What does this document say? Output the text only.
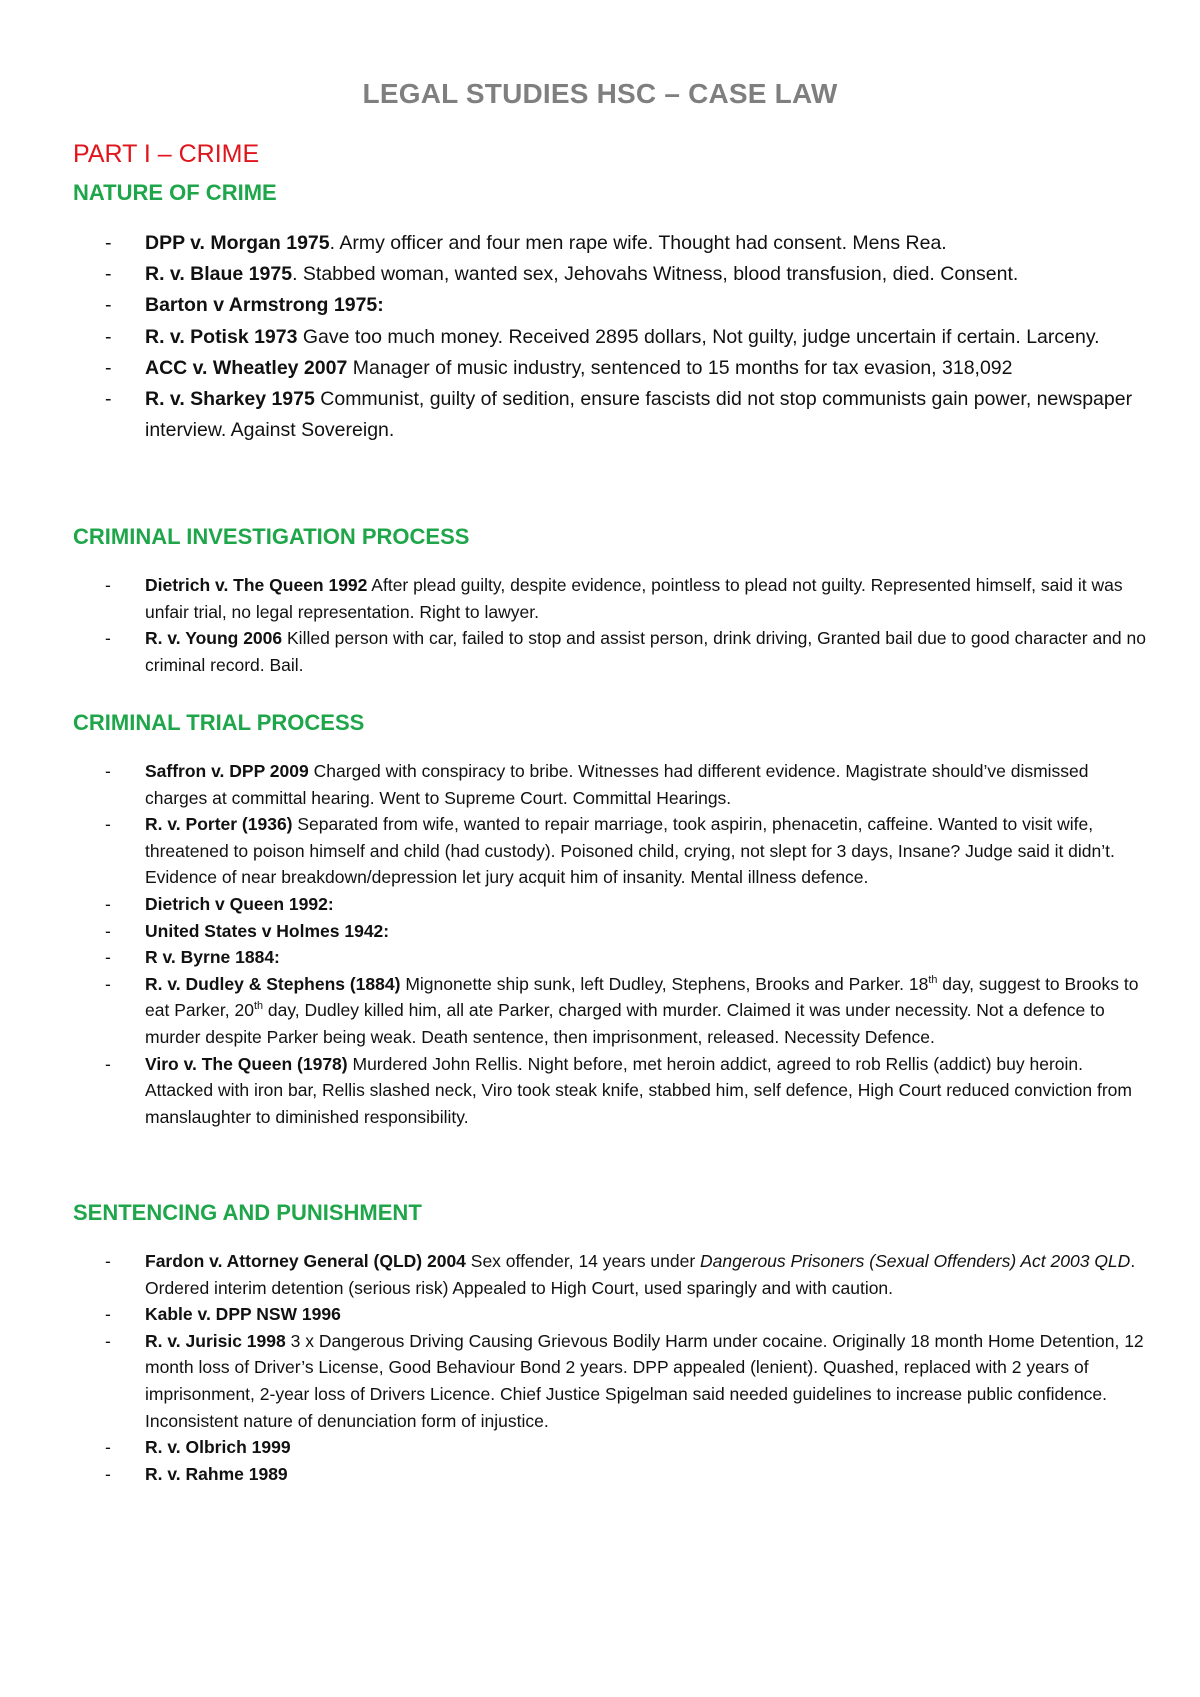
LEGAL STUDIES HSC – CASE LAW
PART I – CRIME
NATURE OF CRIME
- DPP v. Morgan 1975. Army officer and four men rape wife. Thought had consent. Mens Rea.
- R. v. Blaue 1975. Stabbed woman, wanted sex, Jehovahs Witness, blood transfusion, died. Consent.
- Barton v Armstrong 1975:
- R. v. Potisk 1973 Gave too much money. Received 2895 dollars, Not guilty, judge uncertain if certain. Larceny.
- ACC v. Wheatley 2007 Manager of music industry, sentenced to 15 months for tax evasion, 318,092
- R. v. Sharkey 1975 Communist, guilty of sedition, ensure fascists did not stop communists gain power, newspaper interview. Against Sovereign.
CRIMINAL INVESTIGATION PROCESS
- Dietrich v. The Queen 1992 After plead guilty, despite evidence, pointless to plead not guilty. Represented himself, said it was unfair trial, no legal representation. Right to lawyer.
- R. v. Young 2006 Killed person with car, failed to stop and assist person, drink driving, Granted bail due to good character and no criminal record. Bail.
CRIMINAL TRIAL PROCESS
- Saffron v. DPP 2009 Charged with conspiracy to bribe. Witnesses had different evidence. Magistrate should’ve dismissed charges at committal hearing. Went to Supreme Court. Committal Hearings.
- R. v. Porter (1936) Separated from wife, wanted to repair marriage, took aspirin, phenacetin, caffeine. Wanted to visit wife, threatened to poison himself and child (had custody). Poisoned child, crying, not slept for 3 days, Insane? Judge said it didn’t. Evidence of near breakdown/depression let jury acquit him of insanity. Mental illness defence.
- Dietrich v Queen 1992:
- United States v Holmes 1942:
- R v. Byrne 1884:
- R. v. Dudley & Stephens (1884) Mignonette ship sunk, left Dudley, Stephens, Brooks and Parker. 18th day, suggest to Brooks to eat Parker, 20th day, Dudley killed him, all ate Parker, charged with murder. Claimed it was under necessity. Not a defence to murder despite Parker being weak. Death sentence, then imprisonment, released. Necessity Defence.
- Viro v. The Queen (1978) Murdered John Rellis. Night before, met heroin addict, agreed to rob Rellis (addict) buy heroin. Attacked with iron bar, Rellis slashed neck, Viro took steak knife, stabbed him, self defence, High Court reduced conviction from manslaughter to diminished responsibility.
SENTENCING AND PUNISHMENT
- Fardon v. Attorney General (QLD) 2004 Sex offender, 14 years under Dangerous Prisoners (Sexual Offenders) Act 2003 QLD. Ordered interim detention (serious risk) Appealed to High Court, used sparingly and with caution.
- Kable v. DPP NSW 1996
- R. v. Jurisic 1998 3 x Dangerous Driving Causing Grievous Bodily Harm under cocaine. Originally 18 month Home Detention, 12 month loss of Driver’s License, Good Behaviour Bond 2 years. DPP appealed (lenient). Quashed, replaced with 2 years of imprisonment, 2-year loss of Drivers Licence. Chief Justice Spigelman said needed guidelines to increase public confidence. Inconsistent nature of denunciation form of injustice.
- R. v. Olbrich 1999
- R. v. Rahme 1989
